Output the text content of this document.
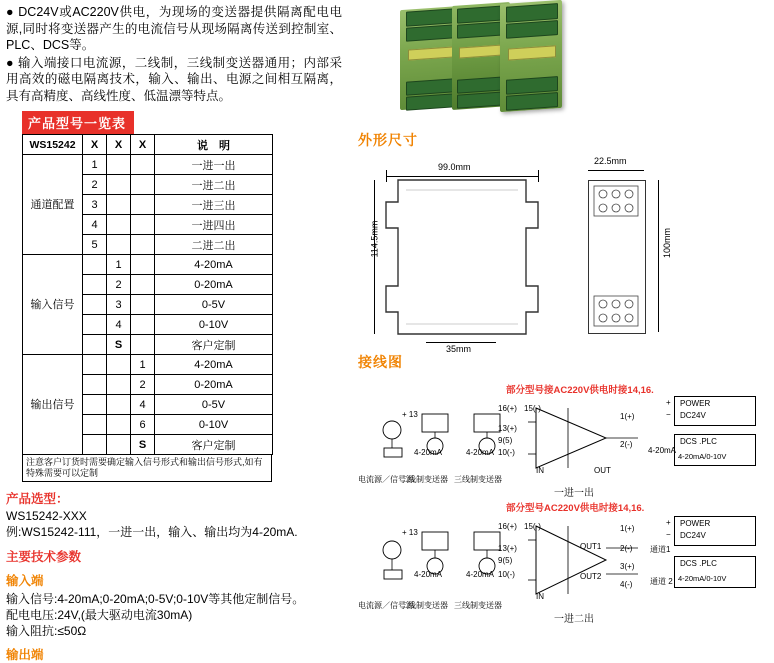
● DC24V或AC220V供电，为现场的变送器提供隔离配电电源,同时将变送器产生的电流信号从现场隔离传送到控制室、PLC、DCS等。

● 输入端接口电流源，二线制，三线制变送器通用；内部采用高效的磁电隔离技术，输入、输出、电源之间相互隔离，具有高精度、高线性度、低温漂等特点。

产品型号一览表
WS15242	X	X	X	说　明
通道配置	1			一进一出
	2			一进二出
	3			一进三出
	4			一进四出
	5			二进二出
输入信号		1		4-20mA
		2		0-20mA
		3		0-5V
		4		0-10V
		S		客户定制
输出信号			1	4-20mA
			2	0-20mA
			4	0-5V
			6	0-10V
			S	客户定制
注意客户订货时需要确定输入信号形式和输出信号形式,如有特殊需要可以定制
产品选型：
WS15242-XXX
例:WS15242-111，一进一出，输入、输出均为4-20mA.
主要技术参数
输入端
输入信号:4-20mA;0-20mA;0-5V;0-10V等其他定制信号。
配电电压:24V,(最大驱动电流30mA)
输入阻抗:≤50Ω
输出端
外形尺寸
99.0mm
114.5mm
35mm
22.5mm
100mm
接线图
部分型号接AC220V供电时接14,16.
POWER
DC24V
+
−
DCS .PLC
4-20mA/0-10V
16(+) 15(-)
13(+)
9(5)
10(-)
1(+)
2(-)
IN	OUT
4-20mA
+ 13
4-20mA	4-20mA
二线制变送器 三线制变送器
电流源／信号源
一进一出
部分型号AC220V供电时接14,16.
POWER
DC24V
+
−
DCS .PLC
4-20mA/0-10V
16(+) 15(-)
13(+)
9(5)
10(-)
1(+)
2(-)
3(+)
4(-)
IN
OUT1
OUT2
通道1
通道 2
+ 13
4-20mA	4-20mA
二线制变送器 三线制变送器
电流源／信号源
一进二出
